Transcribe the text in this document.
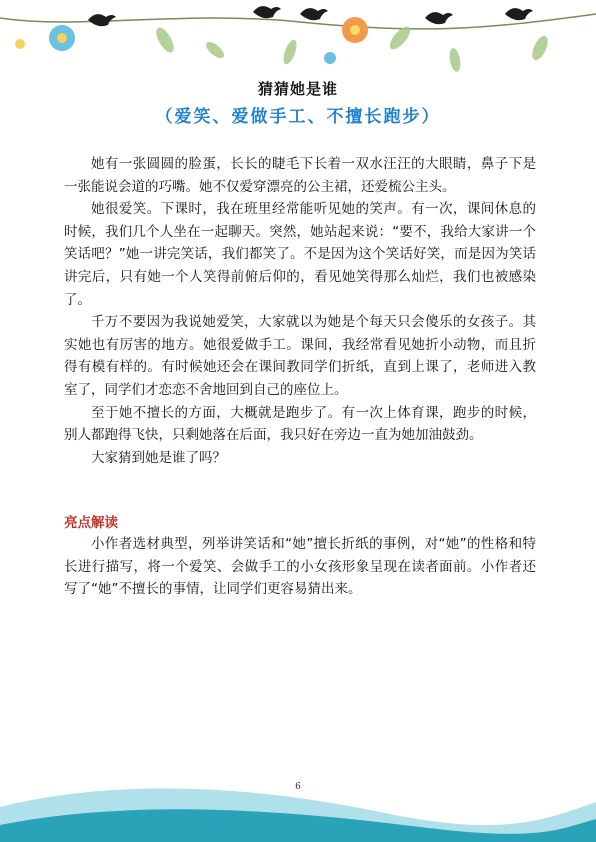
猜猜她是谁
（爱笑、爱做手工、不擅长跑步）

她有一张圆圆的脸蛋，长长的睫毛下长着一双水汪汪的大眼睛，鼻子下是一张能说会道的巧嘴。她不仅爱穿漂亮的公主裙，还爱梳公主头。

她很爱笑。下课时，我在班里经常能听见她的笑声。有一次，课间休息的时候，我们几个人坐在一起聊天。突然，她站起来说：“要不，我给大家讲一个笑话吧？”她一讲完笑话，我们都笑了。不是因为这个笑话好笑，而是因为笑话讲完后，只有她一个人笑得前俯后仰的，看见她笑得那么灿烂，我们也被感染了。

千万不要因为我说她爱笑，大家就以为她是个每天只会傻乐的女孩子。其实她也有厉害的地方。她很爱做手工。课间，我经常看见她折小动物，而且折得有模有样的。有时候她还会在课间教同学们折纸，直到上课了，老师进入教室了，同学们才恋恋不舍地回到自己的座位上。

至于她不擅长的方面，大概就是跑步了。有一次上体育课，跑步的时候，别人都跑得飞快，只剩她落在后面，我只好在旁边一直为她加油鼓劲。

大家猜到她是谁了吗？

亮点解读

小作者选材典型，列举讲笑话和“她”擅长折纸的事例，对“她”的性格和特长进行描写，将一个爱笑、会做手工的小女孩形象呈现在读者面前。小作者还写了“她”不擅长的事情，让同学们更容易猜出来。

6
